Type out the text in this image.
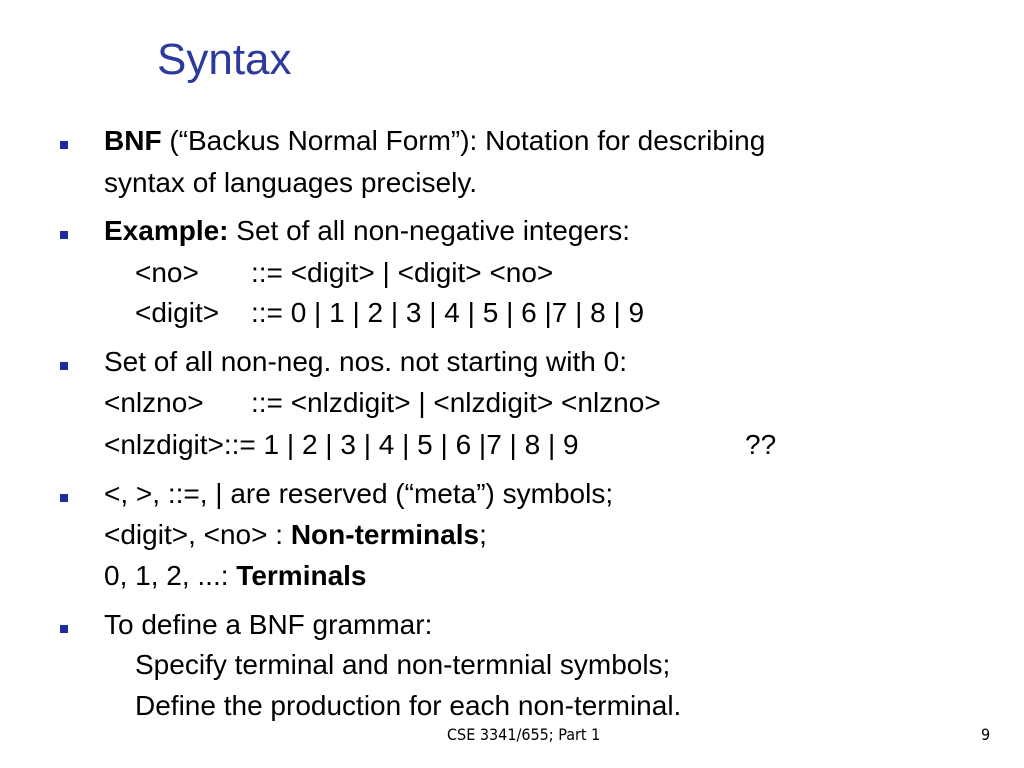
Syntax
BNF (“Backus Normal Form”): Notation for describing
syntax of languages precisely.
Example: Set of all non-negative integers:
<no> ::= <digit> | <digit> <no>
<digit> ::= 0 | 1 | 2 | 3 | 4 | 5 | 6 |7 | 8 | 9
Set of all non-neg. nos. not starting with 0:
<nlzno> ::= <nlzdigit> | <nlzdigit> <nlzno>
<nlzdigit>::= 1 | 2 | 3 | 4 | 5 | 6 |7 | 8 | 9	??
<, >, ::=, | are reserved (“meta”) symbols;
<digit>, <no> : Non-terminals;
0, 1, 2, ...: Terminals
To define a BNF grammar:
Specify terminal and non-termnial symbols;
Define the production for each non-terminal.
CSE 3341/655; Part 1	9
